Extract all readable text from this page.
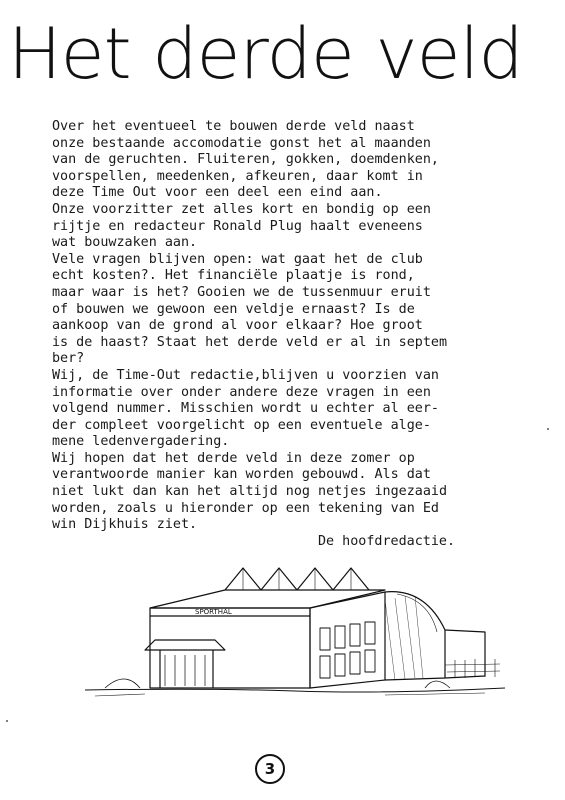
Het derde veld
Over het eventueel te bouwen derde veld naast
onze bestaande accomodatie gonst het al maanden
van de geruchten. Fluiteren, gokken, doemdenken,
voorspellen, meedenken, afkeuren, daar komt in
deze Time Out voor een deel een eind aan.
Onze voorzitter zet alles kort en bondig op een
rijtje en redacteur Ronald Plug haalt eveneens
wat bouwzaken aan.
Vele vragen blijven open: wat gaat het de club
echt kosten?. Het financiële plaatje is rond,
maar waar is het? Gooien we de tussenmuur eruit
of bouwen we gewoon een veldje ernaast? Is de
aankoop van de grond al voor elkaar? Hoe groot
is de haast? Staat het derde veld er al in septem
ber?
Wij, de Time-Out redactie,blijven u voorzien van
informatie over onder andere deze vragen in een
volgend nummer. Misschien wordt u echter al eer-
der compleet voorgelicht op een eventuele alge-
mene ledenvergadering.
Wij hopen dat het derde veld in deze zomer op
verantwoorde manier kan worden gebouwd. Als dat
niet lukt dan kan het altijd nog netjes ingezaaid
worden, zoals u hieronder op een tekening van Ed
win Dijkhuis ziet.
De hoofdredactie.
SPORTHAL
3
